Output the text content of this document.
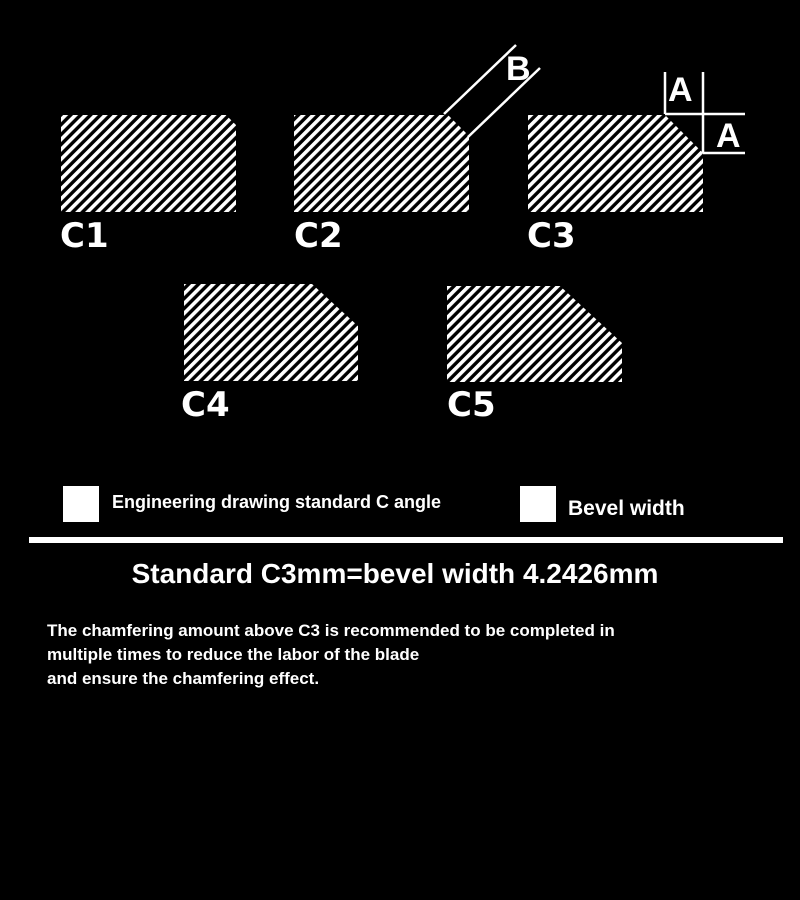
B
A
A
C1	C2	C3
C4	C5
Engineering drawing standard C angle	Bevel width
Standard C3mm=bevel width 4.2426mm
The chamfering amount above C3 is recommended to be completed in
multiple times to reduce the labor of the blade
and ensure the chamfering effect.
